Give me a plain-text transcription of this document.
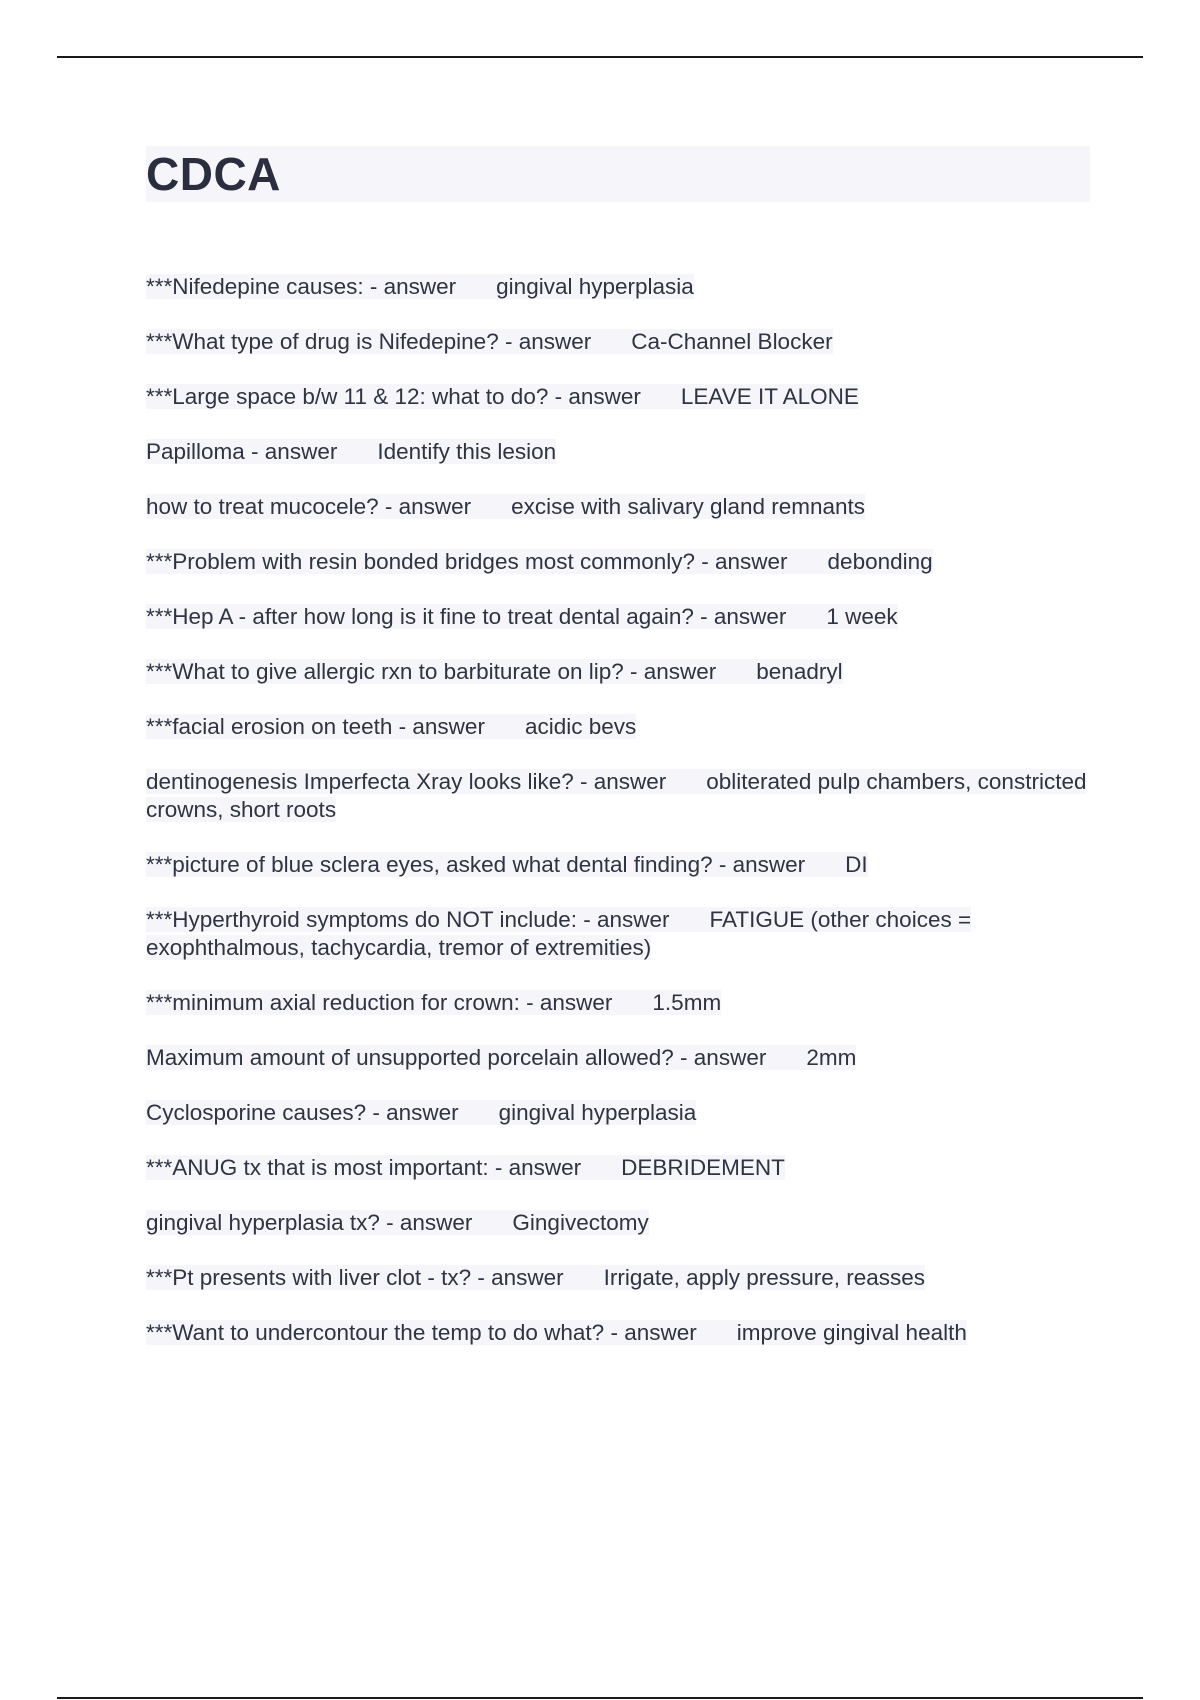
CDCA

***Nifedepine causes: - answer gingival hyperplasia

***What type of drug is Nifedepine? - answer Ca-Channel Blocker

***Large space b/w 11 & 12: what to do? - answer LEAVE IT ALONE

Papilloma - answer Identify this lesion

how to treat mucocele? - answer excise with salivary gland remnants

***Problem with resin bonded bridges most commonly? - answer debonding

***Hep A - after how long is it fine to treat dental again? - answer 1 week

***What to give allergic rxn to barbiturate on lip? - answer benadryl

***facial erosion on teeth - answer acidic bevs

dentinogenesis Imperfecta Xray looks like? - answer obliterated pulp chambers, constricted crowns, short roots

***picture of blue sclera eyes, asked what dental finding? - answer DI

***Hyperthyroid symptoms do NOT include: - answer FATIGUE (other choices = exophthalmous, tachycardia, tremor of extremities)

***minimum axial reduction for crown: - answer 1.5mm

Maximum amount of unsupported porcelain allowed? - answer 2mm

Cyclosporine causes? - answer gingival hyperplasia

***ANUG tx that is most important: - answer DEBRIDEMENT

gingival hyperplasia tx? - answer Gingivectomy

***Pt presents with liver clot - tx? - answer Irrigate, apply pressure, reasses

***Want to undercontour the temp to do what? - answer improve gingival health
